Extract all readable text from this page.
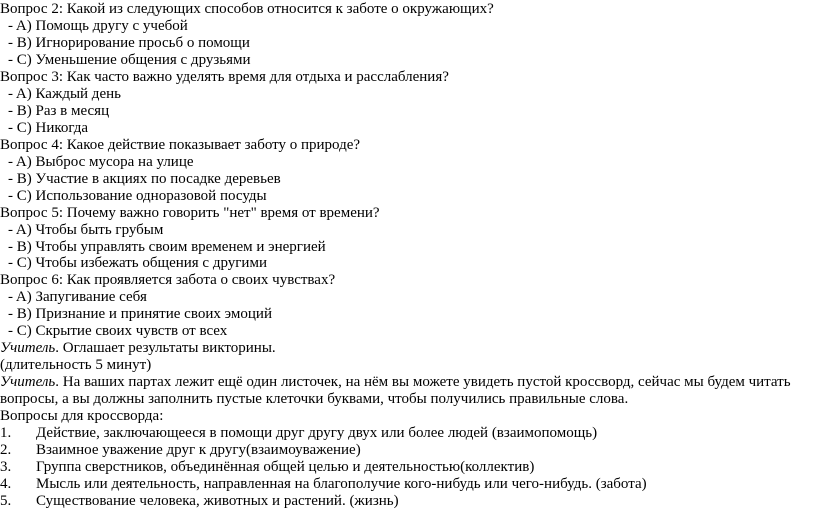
Вопрос 2: Какой из следующих способов относится к заботе о окружающих?
- A) Помощь другу с учебой
- B) Игнорирование просьб о помощи
- C) Уменьшение общения с друзьями
Вопрос 3: Как часто важно уделять время для отдыха и расслабления?
- A) Каждый день
- B) Раз в месяц
- C) Никогда
Вопрос 4: Какое действие показывает заботу о природе?
- A) Выброс мусора на улице
- B) Участие в акциях по посадке деревьев
- C) Использование одноразовой посуды
Вопрос 5: Почему важно говорить "нет" время от времени?
- A) Чтобы быть грубым
- B) Чтобы управлять своим временем и энергией
- C) Чтобы избежать общения с другими
Вопрос 6: Как проявляется забота о своих чувствах?
- A) Запугивание себя
- B) Признание и принятие своих эмоций
- C) Скрытие своих чувств от всех
Учитель. Оглашает результаты викторины.
(длительность 5 минут)
Учитель. На ваших партах лежит ещё один листочек, на нём вы можете увидеть пустой кроссворд, сейчас мы будем читать
вопросы, а вы должны заполнить пустые клеточки буквами, чтобы получились правильные слова.
Вопросы для кроссворда:
1. Действие, заключающееся в помощи друг другу двух или более людей (взаимопомощь)
2. Взаимное уважение друг к другу(взаимоуважение)
3. Группа сверстников, объединённая общей целью и деятельностью(коллектив)
4. Мысль или деятельность, направленная на благополучие кого-нибудь или чего-нибудь. (забота)
5. Существование человека, животных и растений. (жизнь)
